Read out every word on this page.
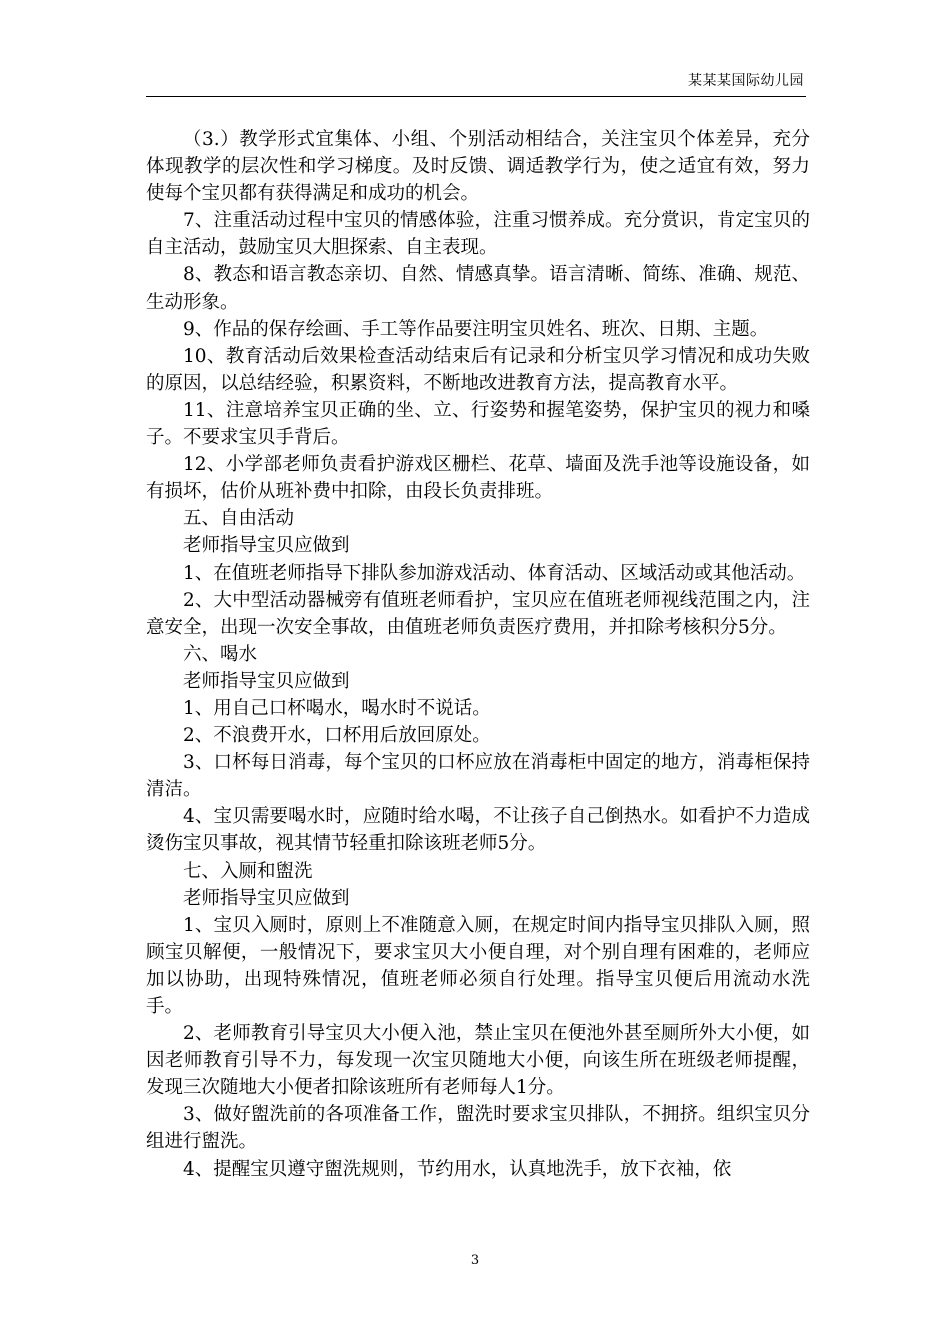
某某某国际幼儿园

（3.）教学形式宜集体、小组、个别活动相结合，关注宝贝个体差异，充分体现教学的层次性和学习梯度。及时反馈、调适教学行为，使之适宜有效，努力使每个宝贝都有获得满足和成功的机会。

7、注重活动过程中宝贝的情感体验，注重习惯养成。充分赏识，肯定宝贝的自主活动，鼓励宝贝大胆探索、自主表现。

8、教态和语言教态亲切、自然、情感真挚。语言清晰、简练、准确、规范、生动形象。

9、作品的保存绘画、手工等作品要注明宝贝姓名、班次、日期、主题。

10、教育活动后效果检查活动结束后有记录和分析宝贝学习情况和成功失败的原因，以总结经验，积累资料，不断地改进教育方法，提高教育水平。

11、注意培养宝贝正确的坐、立、行姿势和握笔姿势，保护宝贝的视力和嗓子。不要求宝贝手背后。

12、小学部老师负责看护游戏区栅栏、花草、墙面及洗手池等设施设备，如有损坏，估价从班补费中扣除，由段长负责排班。

五、自由活动

老师指导宝贝应做到

1、在值班老师指导下排队参加游戏活动、体育活动、区域活动或其他活动。

2、大中型活动器械旁有值班老师看护，宝贝应在值班老师视线范围之内，注意安全，出现一次安全事故，由值班老师负责医疗费用，并扣除考核积分5分。

六、喝水

老师指导宝贝应做到

1、用自己口杯喝水，喝水时不说话。

2、不浪费开水，口杯用后放回原处。

3、口杯每日消毒，每个宝贝的口杯应放在消毒柜中固定的地方，消毒柜保持清洁。

4、宝贝需要喝水时，应随时给水喝，不让孩子自己倒热水。如看护不力造成烫伤宝贝事故，视其情节轻重扣除该班老师5分。

七、入厕和盥洗

老师指导宝贝应做到

1、宝贝入厕时，原则上不准随意入厕，在规定时间内指导宝贝排队入厕，照顾宝贝解便，一般情况下，要求宝贝大小便自理，对个别自理有困难的，老师应加以协助，出现特殊情况，值班老师必须自行处理。指导宝贝便后用流动水洗手。

2、老师教育引导宝贝大小便入池，禁止宝贝在便池外甚至厕所外大小便，如因老师教育引导不力，每发现一次宝贝随地大小便，向该生所在班级老师提醒，发现三次随地大小便者扣除该班所有老师每人1分。

3、做好盥洗前的各项准备工作，盥洗时要求宝贝排队，不拥挤。组织宝贝分组进行盥洗。

4、提醒宝贝遵守盥洗规则，节约用水，认真地洗手，放下衣袖，依

3
